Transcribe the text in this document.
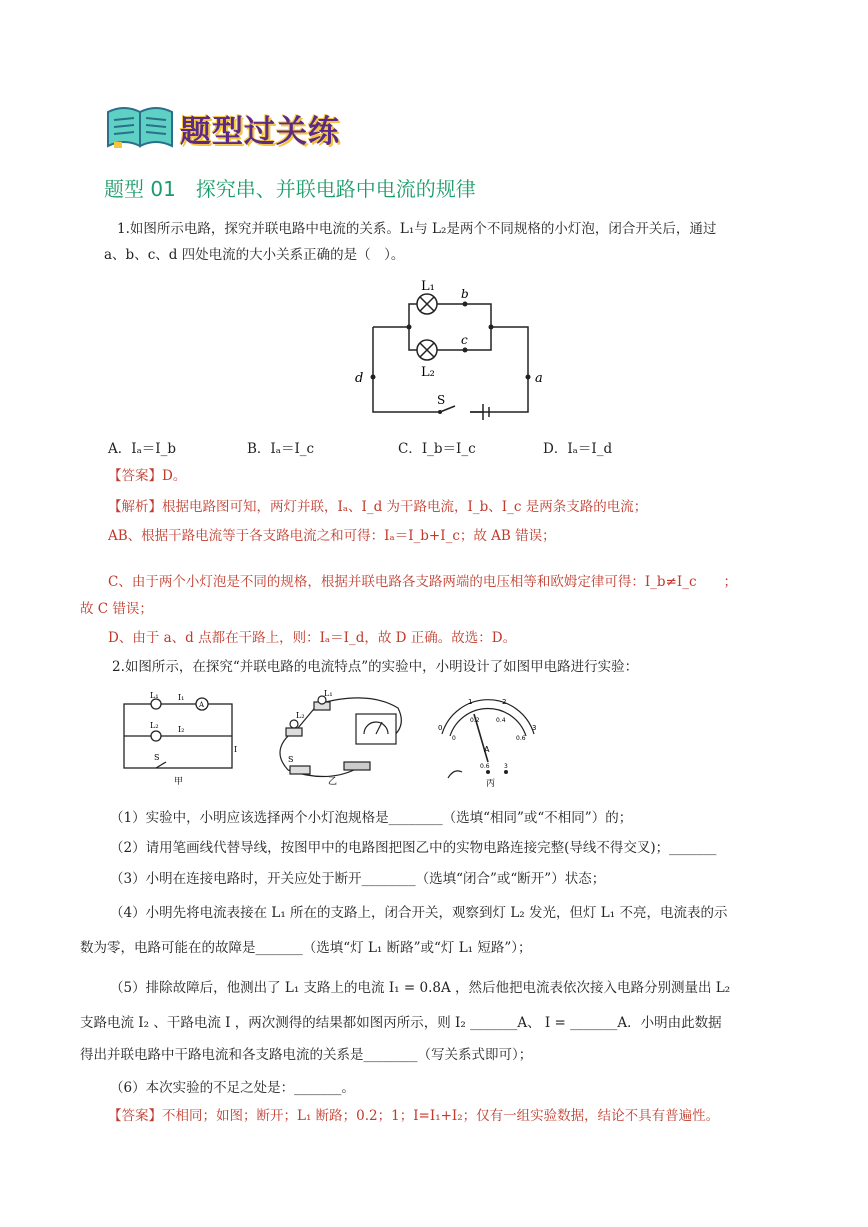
题型过关练
题型 01　探究串、并联电路中电流的规律
1.如图所示电路，探究并联电路中电流的关系。L₁与 L₂是两个不同规格的小灯泡，闭合开关后，通过
a、b、c、d 四处电流的大小关系正确的是（　）。
L₁ b
c
L₂
d	a
S
A．Iₐ＝I_b	B．Iₐ＝I_c	C．I_b＝I_c	D．Iₐ＝I_d
【答案】D。
【解析】根据电路图可知，两灯并联，Iₐ、I_d 为干路电流，I_b、I_c 是两条支路的电流；
AB、根据干路电流等于各支路电流之和可得：Iₐ＝I_b+I_c；故 AB 错误；
C、由于两个小灯泡是不同的规格，根据并联电路各支路两端的电压相等和欧姆定律可得：I_b≠I_c　　；
故 C 错误；
D、由于 a、d 点都在干路上，则：Iₐ＝I_d，故 D 正确。故选：D。
2.如图所示，在探究“并联电路的电流特点”的实验中，小明设计了如图甲电路进行实验：
L₁ I₁
A
L₂ I₂
I
S
甲
L₁
L₂
S
乙
0
1	2
3
0
0.2	0.4
0.6
A
0.6 3
丙
（1）实验中，小明应该选择两个小灯泡规格是________（选填“相同”或“不相同”）的；
（2）请用笔画线代替导线，按图甲中的电路图把图乙中的实物电路连接完整(导线不得交叉)；_______
（3）小明在连接电路时，开关应处于断开________（选填“闭合”或“断开”）状态；
（4）小明先将电流表接在 L₁ 所在的支路上，闭合开关，观察到灯 L₂ 发光，但灯 L₁ 不亮，电流表的示
数为零，电路可能在的故障是_______（选填“灯 L₁ 断路”或“灯 L₁ 短路”）；
（5）排除故障后，他测出了 L₁ 支路上的电流 I₁ = 0.8A ，然后他把电流表依次接入电路分别测量出 L₂
支路电流 I₂ 、干路电流 I ，两次测得的结果都如图丙所示，则 I₂ _______A、 I = _______A．小明由此数据
得出并联电路中干路电流和各支路电流的关系是________（写关系式即可）；
（6）本次实验的不足之处是：_______。
【答案】不相同；如图；断开；L₁ 断路；0.2；1；I=I₁+I₂；仅有一组实验数据，结论不具有普遍性。
